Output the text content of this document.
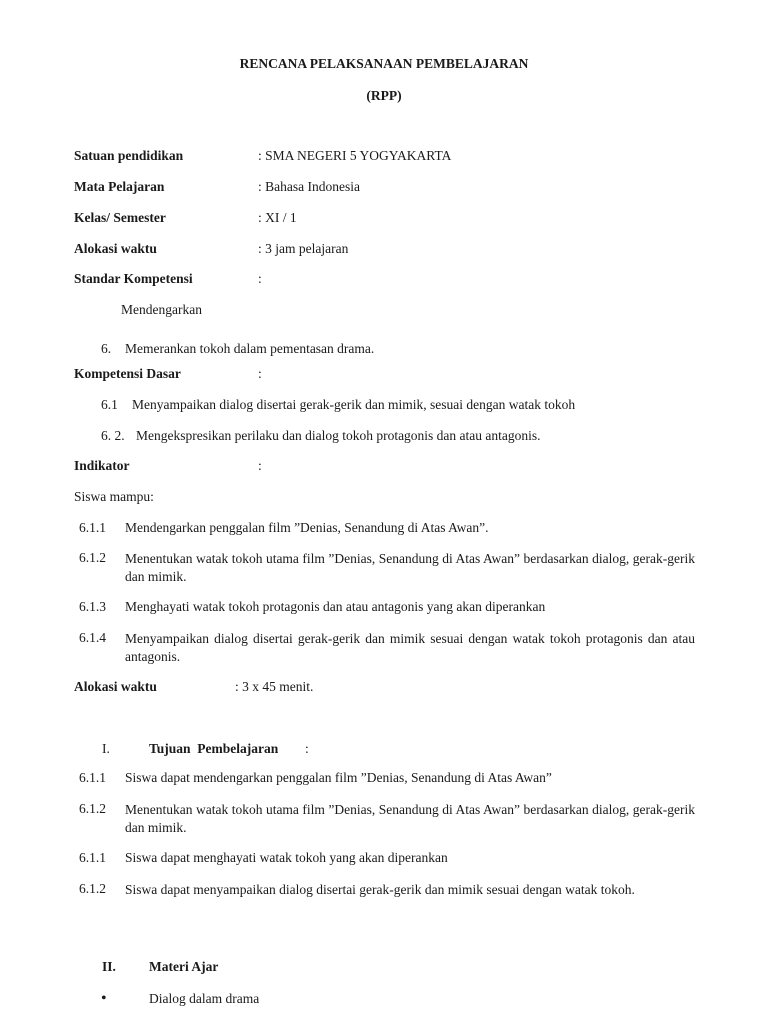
RENCANA PELAKSANAAN PEMBELAJARAN
(RPP)
Satuan pendidikan	: SMA NEGERI 5 YOGYAKARTA
Mata Pelajaran	: Bahasa Indonesia
Kelas/ Semester	: XI / 1
Alokasi waktu	: 3 jam pelajaran
Standar Kompetensi	:
Mendengarkan
6. Memerankan tokoh dalam pementasan drama.
Kompetensi Dasar	:
6.1 Menyampaikan dialog disertai gerak-gerik dan mimik, sesuai dengan watak tokoh
6. 2. Mengekspresikan perilaku dan dialog tokoh protagonis dan atau antagonis.
Indikator	:
Siswa mampu:
6.1.1 Mendengarkan penggalan film ”Denias, Senandung di Atas Awan”.
6.1.2 Menentukan watak tokoh utama film ”Denias, Senandung di Atas Awan” berdasarkan dialog, gerak-gerik dan mimik.
6.1.3 Menghayati watak tokoh protagonis dan atau antagonis yang akan diperankan
6.1.4 Menyampaikan dialog disertai gerak-gerik dan mimik sesuai dengan watak tokoh protagonis dan atau antagonis.
Alokasi waktu	: 3 x 45 menit.
I.	Tujuan  Pembelajaran :
6.1.1 Siswa dapat mendengarkan penggalan film ”Denias, Senandung di Atas Awan”
6.1.2 Menentukan watak tokoh utama film ”Denias, Senandung di Atas Awan” berdasarkan dialog, gerak-gerik dan mimik.
6.1.1 Siswa dapat menghayati watak tokoh yang akan diperankan
6.1.2 Siswa dapat menyampaikan dialog disertai gerak-gerik dan mimik sesuai dengan watak tokoh.
II. Materi Ajar
•	Dialog dalam drama
